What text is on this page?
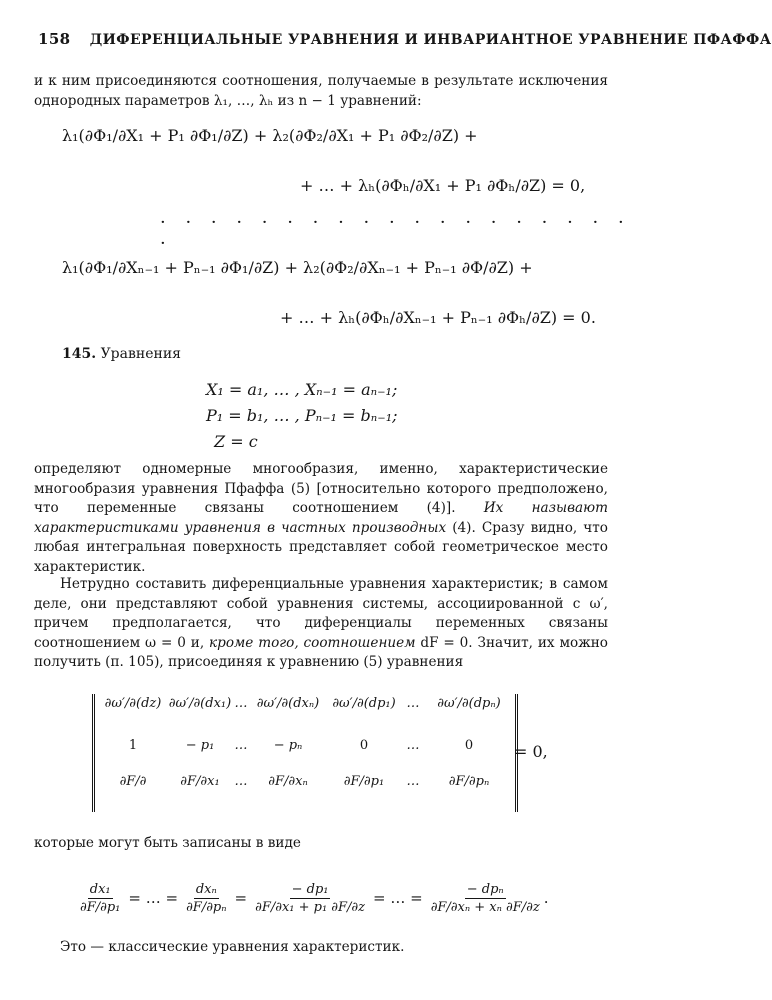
158 ДИФЕРЕНЦИАЛЬНЫЕ УРАВНЕНИЯ И ИНВАРИАНТНОЕ УРАВНЕНИЕ ПФАФФА
и к ним присоединяются соотношения, получаемые в результате исключения однородных параметров λ₁, …, λₕ из n − 1 уравнений:
λ₁(∂Φ₁/∂X₁ + P₁ ∂Φ₁/∂Z) + λ₂(∂Φ₂/∂X₁ + P₁ ∂Φ₂/∂Z) +
+ … + λₕ(∂Φₕ/∂X₁ + P₁ ∂Φₕ/∂Z) = 0,
· · · · · · · · · · · · · · · · · · · ·
λ₁(∂Φ₁/∂Xₙ₋₁ + Pₙ₋₁ ∂Φ₁/∂Z) + λ₂(∂Φ₂/∂Xₙ₋₁ + Pₙ₋₁ ∂Φ/∂Z) +
+ … + λₕ(∂Φₕ/∂Xₙ₋₁ + Pₙ₋₁ ∂Φₕ/∂Z) = 0.
145. Уравнения
X₁ = a₁, … , Xₙ₋₁ = aₙ₋₁;
P₁ = b₁, … , Pₙ₋₁ = bₙ₋₁;
Z = c
определяют одномерные многообразия, именно, характеристические многообразия уравнения Пфаффа (5) [относительно которого предположено, что переменные связаны соотношением (4)]. Их называют характеристиками уравнения в частных производных (4). Сразу видно, что любая интегральная поверхность представляет собой геометрическое место характеристик.
Нетрудно составить диференциальные уравнения характеристик; в самом деле, они представляют собой уравнения системы, ассоциированной с ω′, причем предполагается, что диференциалы переменных связаны соотношением ω = 0 и, кроме того, соотношением dF = 0. Значит, их можно получить (п. 105), присоединяя к уравнению (5) уравнения
∂ω′/∂(dz) ∂ω′/∂(dx₁) … ∂ω′/∂(dxₙ) ∂ω′/∂(dp₁) …	∂ω′/∂(dpₙ)
1	− p₁	…	− pₙ	0	…	0
∂F/∂	∂F/∂x₁	…	∂F/∂xₙ	∂F/∂p₁	…	∂F/∂pₙ
= 0,
которые могут быть записаны в виде
$\frac{\text{dx₁}}{\text{∂F/∂p₁}}$ = … = $\frac{\text{dxₙ}}{\text{∂F/∂pₙ}} = \frac{\text{− dp₁}}{\text{∂F/∂x₁ + p₁ ∂F/∂z}}$ = … = $\frac{\text{− dpₙ}}{\text{∂F/∂xₙ + xₙ ∂F/∂z}}$ .
Это — классические уравнения характеристик.
